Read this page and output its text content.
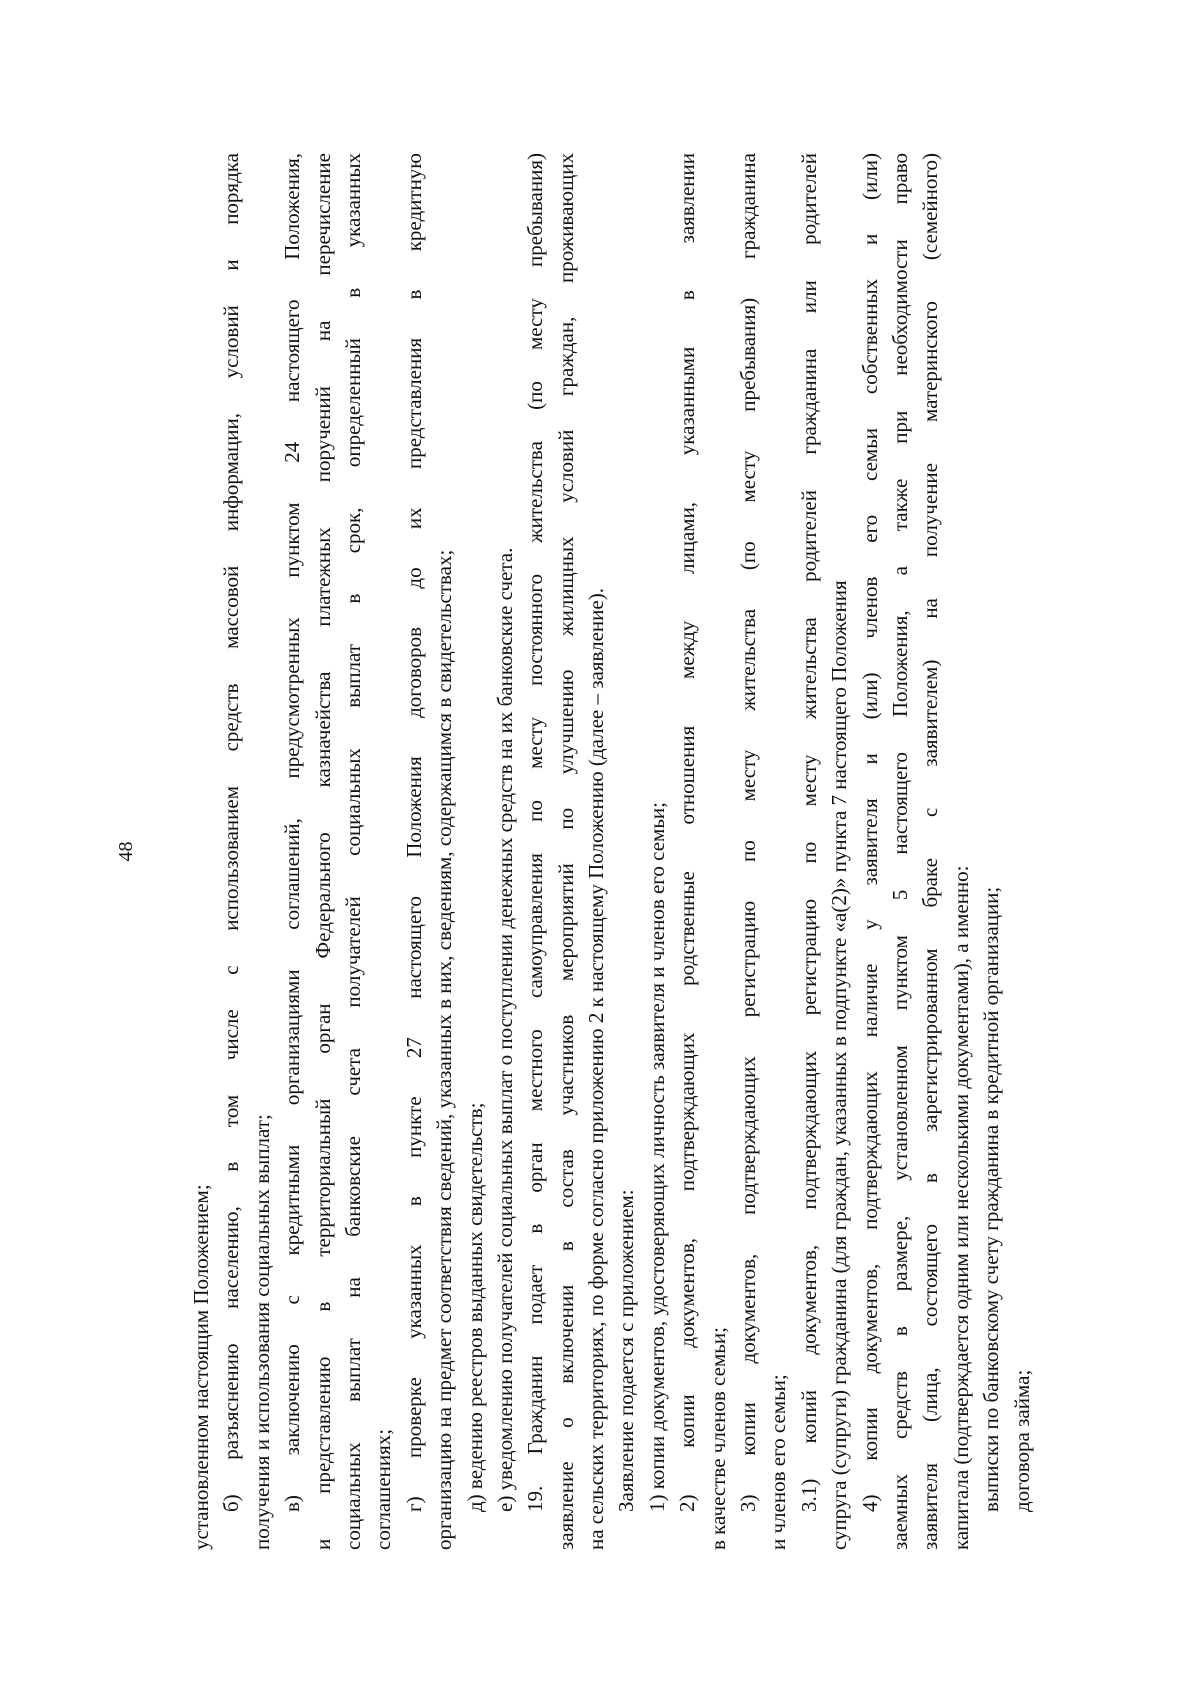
48
установленном настоящим Положением; б) разъяснению населению, в том числе с использованием средств массовой информации, условий и порядка получения и использования социальных выплат; в) заключению с кредитными организациями соглашений, предусмотренных пунктом 24 настоящего Положения, и представлению в территориальный орган Федерального казначейства платежных поручений на перечисление социальных выплат на банковские счета получателей социальных выплат в срок, определенный в указанных соглашениях; г) проверке указанных в пункте 27 настоящего Положения договоров до их представления в кредитную организацию на предмет соответствия сведений, указанных в них, сведениям, содержащимся в свидетельствах; д) ведению реестров выданных свидетельств; е) уведомлению получателей социальных выплат о поступлении денежных средств на их банковские счета. 19. Гражданин подает в орган местного самоуправления по месту постоянного жительства (по месту пребывания) заявление о включении в состав участников мероприятий по улучшению жилищных условий граждан, проживающих на сельских территориях, по форме согласно приложению 2 к настоящему Положению (далее – заявление). Заявление подается с приложением: 1) копии документов, удостоверяющих личность заявителя и членов его семьи; 2) копии документов, подтверждающих родственные отношения между лицами, указанными в заявлении в качестве членов семьи; 3) копии документов, подтверждающих регистрацию по месту жительства (по месту пребывания) гражданина и членов его семьи; 3.1) копий документов, подтверждающих регистрацию по месту жительства родителей гражданина или родителей супруга (супруги) гражданина (для граждан, указанных в подпункте «а(2)» пункта 7 настоящего Положения 4) копии документов, подтверждающих наличие у заявителя и (или) членов его семьи собственных и (или) заемных средств в размере, установленном пунктом 5 настоящего Положения, а также при необходимости право заявителя (лица, состоящего в зарегистрированном браке с заявителем) на получение материнского (семейного) капитала (подтверждается одним или несколькими документами), а именно: выписки по банковскому счету гражданина в кредитной организации; договора займа;
